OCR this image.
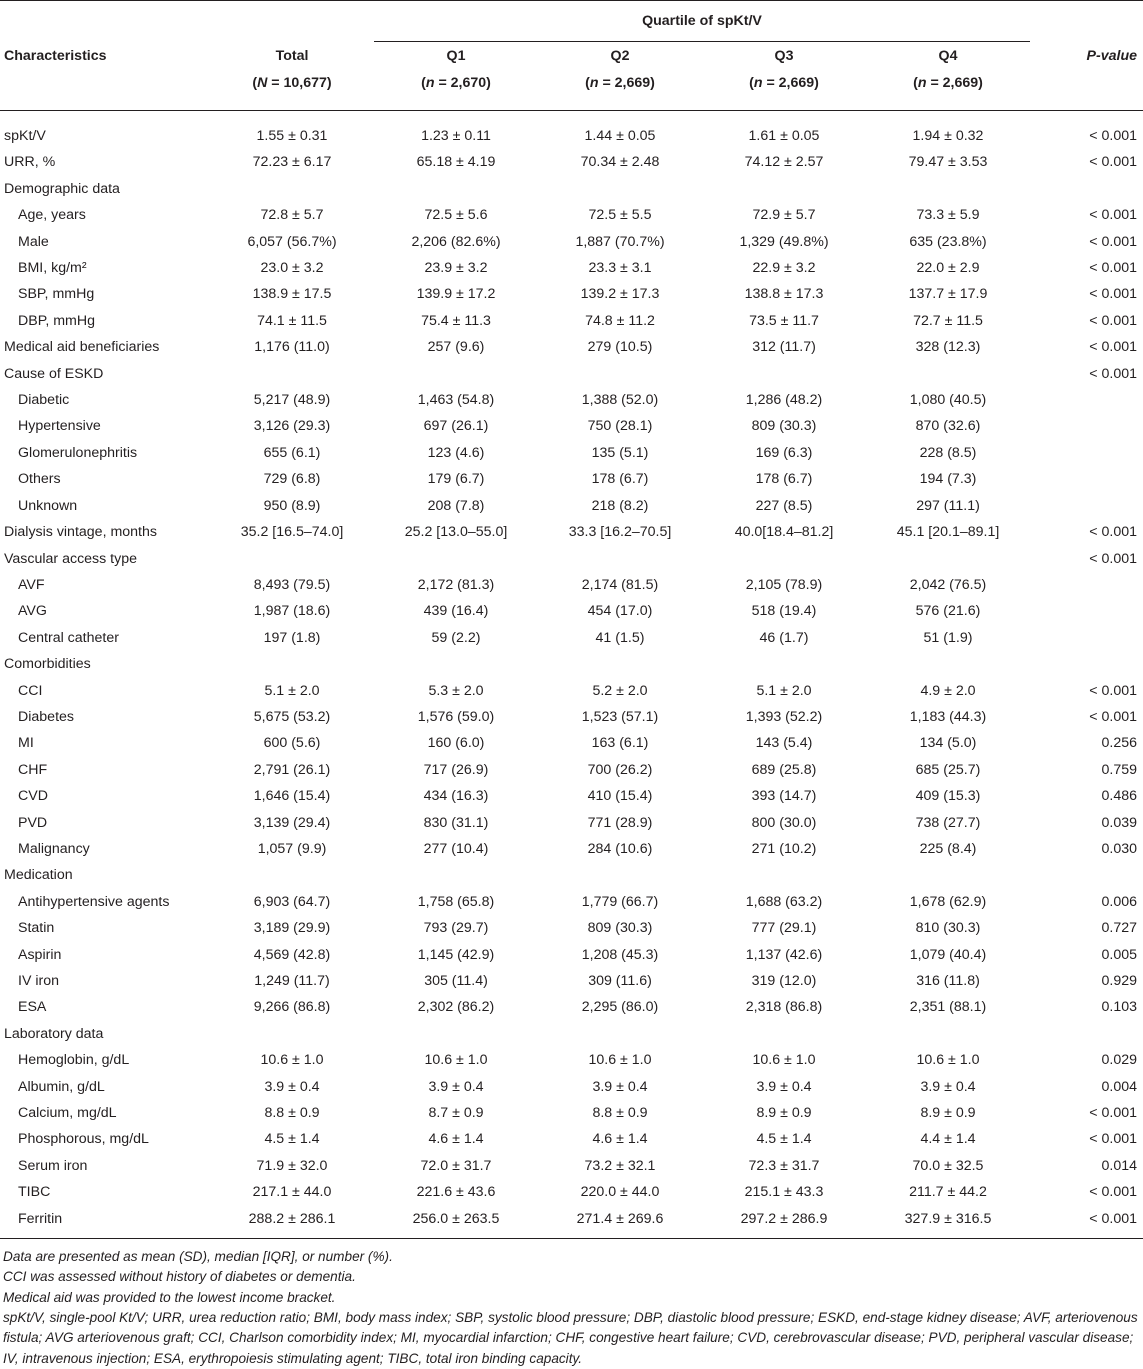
		Quartile of spKt/V				
Characteristics	Total	Q1	Q2	Q3	Q4	P-value
	(N = 10,677)	(n = 2,670)	(n = 2,669)	(n = 2,669)	(n = 2,669)	
spKt/V	1.55 ± 0.31	1.23 ± 0.11	1.44 ± 0.05	1.61 ± 0.05	1.94 ± 0.32	< 0.001
URR, %	72.23 ± 6.17	65.18 ± 4.19	70.34 ± 2.48	74.12 ± 2.57	79.47 ± 3.53	< 0.001
Demographic data						
Age, years	72.8 ± 5.7	72.5 ± 5.6	72.5 ± 5.5	72.9 ± 5.7	73.3 ± 5.9	< 0.001
Male	6,057 (56.7%)	2,206 (82.6%)	1,887 (70.7%)	1,329 (49.8%)	635 (23.8%)	< 0.001
BMI, kg/m²	23.0 ± 3.2	23.9 ± 3.2	23.3 ± 3.1	22.9 ± 3.2	22.0 ± 2.9	< 0.001
SBP, mmHg	138.9 ± 17.5	139.9 ± 17.2	139.2 ± 17.3	138.8 ± 17.3	137.7 ± 17.9	< 0.001
DBP, mmHg	74.1 ± 11.5	75.4 ± 11.3	74.8 ± 11.2	73.5 ± 11.7	72.7 ± 11.5	< 0.001
Medical aid beneficiaries	1,176 (11.0)	257 (9.6)	279 (10.5)	312 (11.7)	328 (12.3)	< 0.001
Cause of ESKD						< 0.001
Diabetic	5,217 (48.9)	1,463 (54.8)	1,388 (52.0)	1,286 (48.2)	1,080 (40.5)	
Hypertensive	3,126 (29.3)	697 (26.1)	750 (28.1)	809 (30.3)	870 (32.6)	
Glomerulonephritis	655 (6.1)	123 (4.6)	135 (5.1)	169 (6.3)	228 (8.5)	
Others	729 (6.8)	179 (6.7)	178 (6.7)	178 (6.7)	194 (7.3)	
Unknown	950 (8.9)	208 (7.8)	218 (8.2)	227 (8.5)	297 (11.1)	
Dialysis vintage, months	35.2 [16.5–74.0]	25.2 [13.0–55.0]	33.3 [16.2–70.5]	40.0[18.4–81.2]	45.1 [20.1–89.1]	< 0.001
Vascular access type						< 0.001
AVF	8,493 (79.5)	2,172 (81.3)	2,174 (81.5)	2,105 (78.9)	2,042 (76.5)	
AVG	1,987 (18.6)	439 (16.4)	454 (17.0)	518 (19.4)	576 (21.6)	
Central catheter	197 (1.8)	59 (2.2)	41 (1.5)	46 (1.7)	51 (1.9)	
Comorbidities						
CCI	5.1 ± 2.0	5.3 ± 2.0	5.2 ± 2.0	5.1 ± 2.0	4.9 ± 2.0	< 0.001
Diabetes	5,675 (53.2)	1,576 (59.0)	1,523 (57.1)	1,393 (52.2)	1,183 (44.3)	< 0.001
MI	600 (5.6)	160 (6.0)	163 (6.1)	143 (5.4)	134 (5.0)	0.256
CHF	2,791 (26.1)	717 (26.9)	700 (26.2)	689 (25.8)	685 (25.7)	0.759
CVD	1,646 (15.4)	434 (16.3)	410 (15.4)	393 (14.7)	409 (15.3)	0.486
PVD	3,139 (29.4)	830 (31.1)	771 (28.9)	800 (30.0)	738 (27.7)	0.039
Malignancy	1,057 (9.9)	277 (10.4)	284 (10.6)	271 (10.2)	225 (8.4)	0.030
Medication						
Antihypertensive agents	6,903 (64.7)	1,758 (65.8)	1,779 (66.7)	1,688 (63.2)	1,678 (62.9)	0.006
Statin	3,189 (29.9)	793 (29.7)	809 (30.3)	777 (29.1)	810 (30.3)	0.727
Aspirin	4,569 (42.8)	1,145 (42.9)	1,208 (45.3)	1,137 (42.6)	1,079 (40.4)	0.005
IV iron	1,249 (11.7)	305 (11.4)	309 (11.6)	319 (12.0)	316 (11.8)	0.929
ESA	9,266 (86.8)	2,302 (86.2)	2,295 (86.0)	2,318 (86.8)	2,351 (88.1)	0.103
Laboratory data						
Hemoglobin, g/dL	10.6 ± 1.0	10.6 ± 1.0	10.6 ± 1.0	10.6 ± 1.0	10.6 ± 1.0	0.029
Albumin, g/dL	3.9 ± 0.4	3.9 ± 0.4	3.9 ± 0.4	3.9 ± 0.4	3.9 ± 0.4	0.004
Calcium, mg/dL	8.8 ± 0.9	8.7 ± 0.9	8.8 ± 0.9	8.9 ± 0.9	8.9 ± 0.9	< 0.001
Phosphorous, mg/dL	4.5 ± 1.4	4.6 ± 1.4	4.6 ± 1.4	4.5 ± 1.4	4.4 ± 1.4	< 0.001
Serum iron	71.9 ± 32.0	72.0 ± 31.7	73.2 ± 32.1	72.3 ± 31.7	70.0 ± 32.5	0.014
TIBC	217.1 ± 44.0	221.6 ± 43.6	220.0 ± 44.0	215.1 ± 43.3	211.7 ± 44.2	< 0.001
Ferritin	288.2 ± 286.1	256.0 ± 263.5	271.4 ± 269.6	297.2 ± 286.9	327.9 ± 316.5	< 0.001
Data are presented as mean (SD), median [IQR], or number (%).
CCI was assessed without history of diabetes or dementia.
Medical aid was provided to the lowest income bracket.
spKt/V, single-pool Kt/V; URR, urea reduction ratio; BMI, body mass index; SBP, systolic blood pressure; DBP, diastolic blood pressure; ESKD, end-stage kidney disease; AVF, arteriovenous fistula; AVG arteriovenous graft; CCI, Charlson comorbidity index; MI, myocardial infarction; CHF, congestive heart failure; CVD, cerebrovascular disease; PVD, peripheral vascular disease; IV, intravenous injection; ESA, erythropoiesis stimulating agent; TIBC, total iron binding capacity.
